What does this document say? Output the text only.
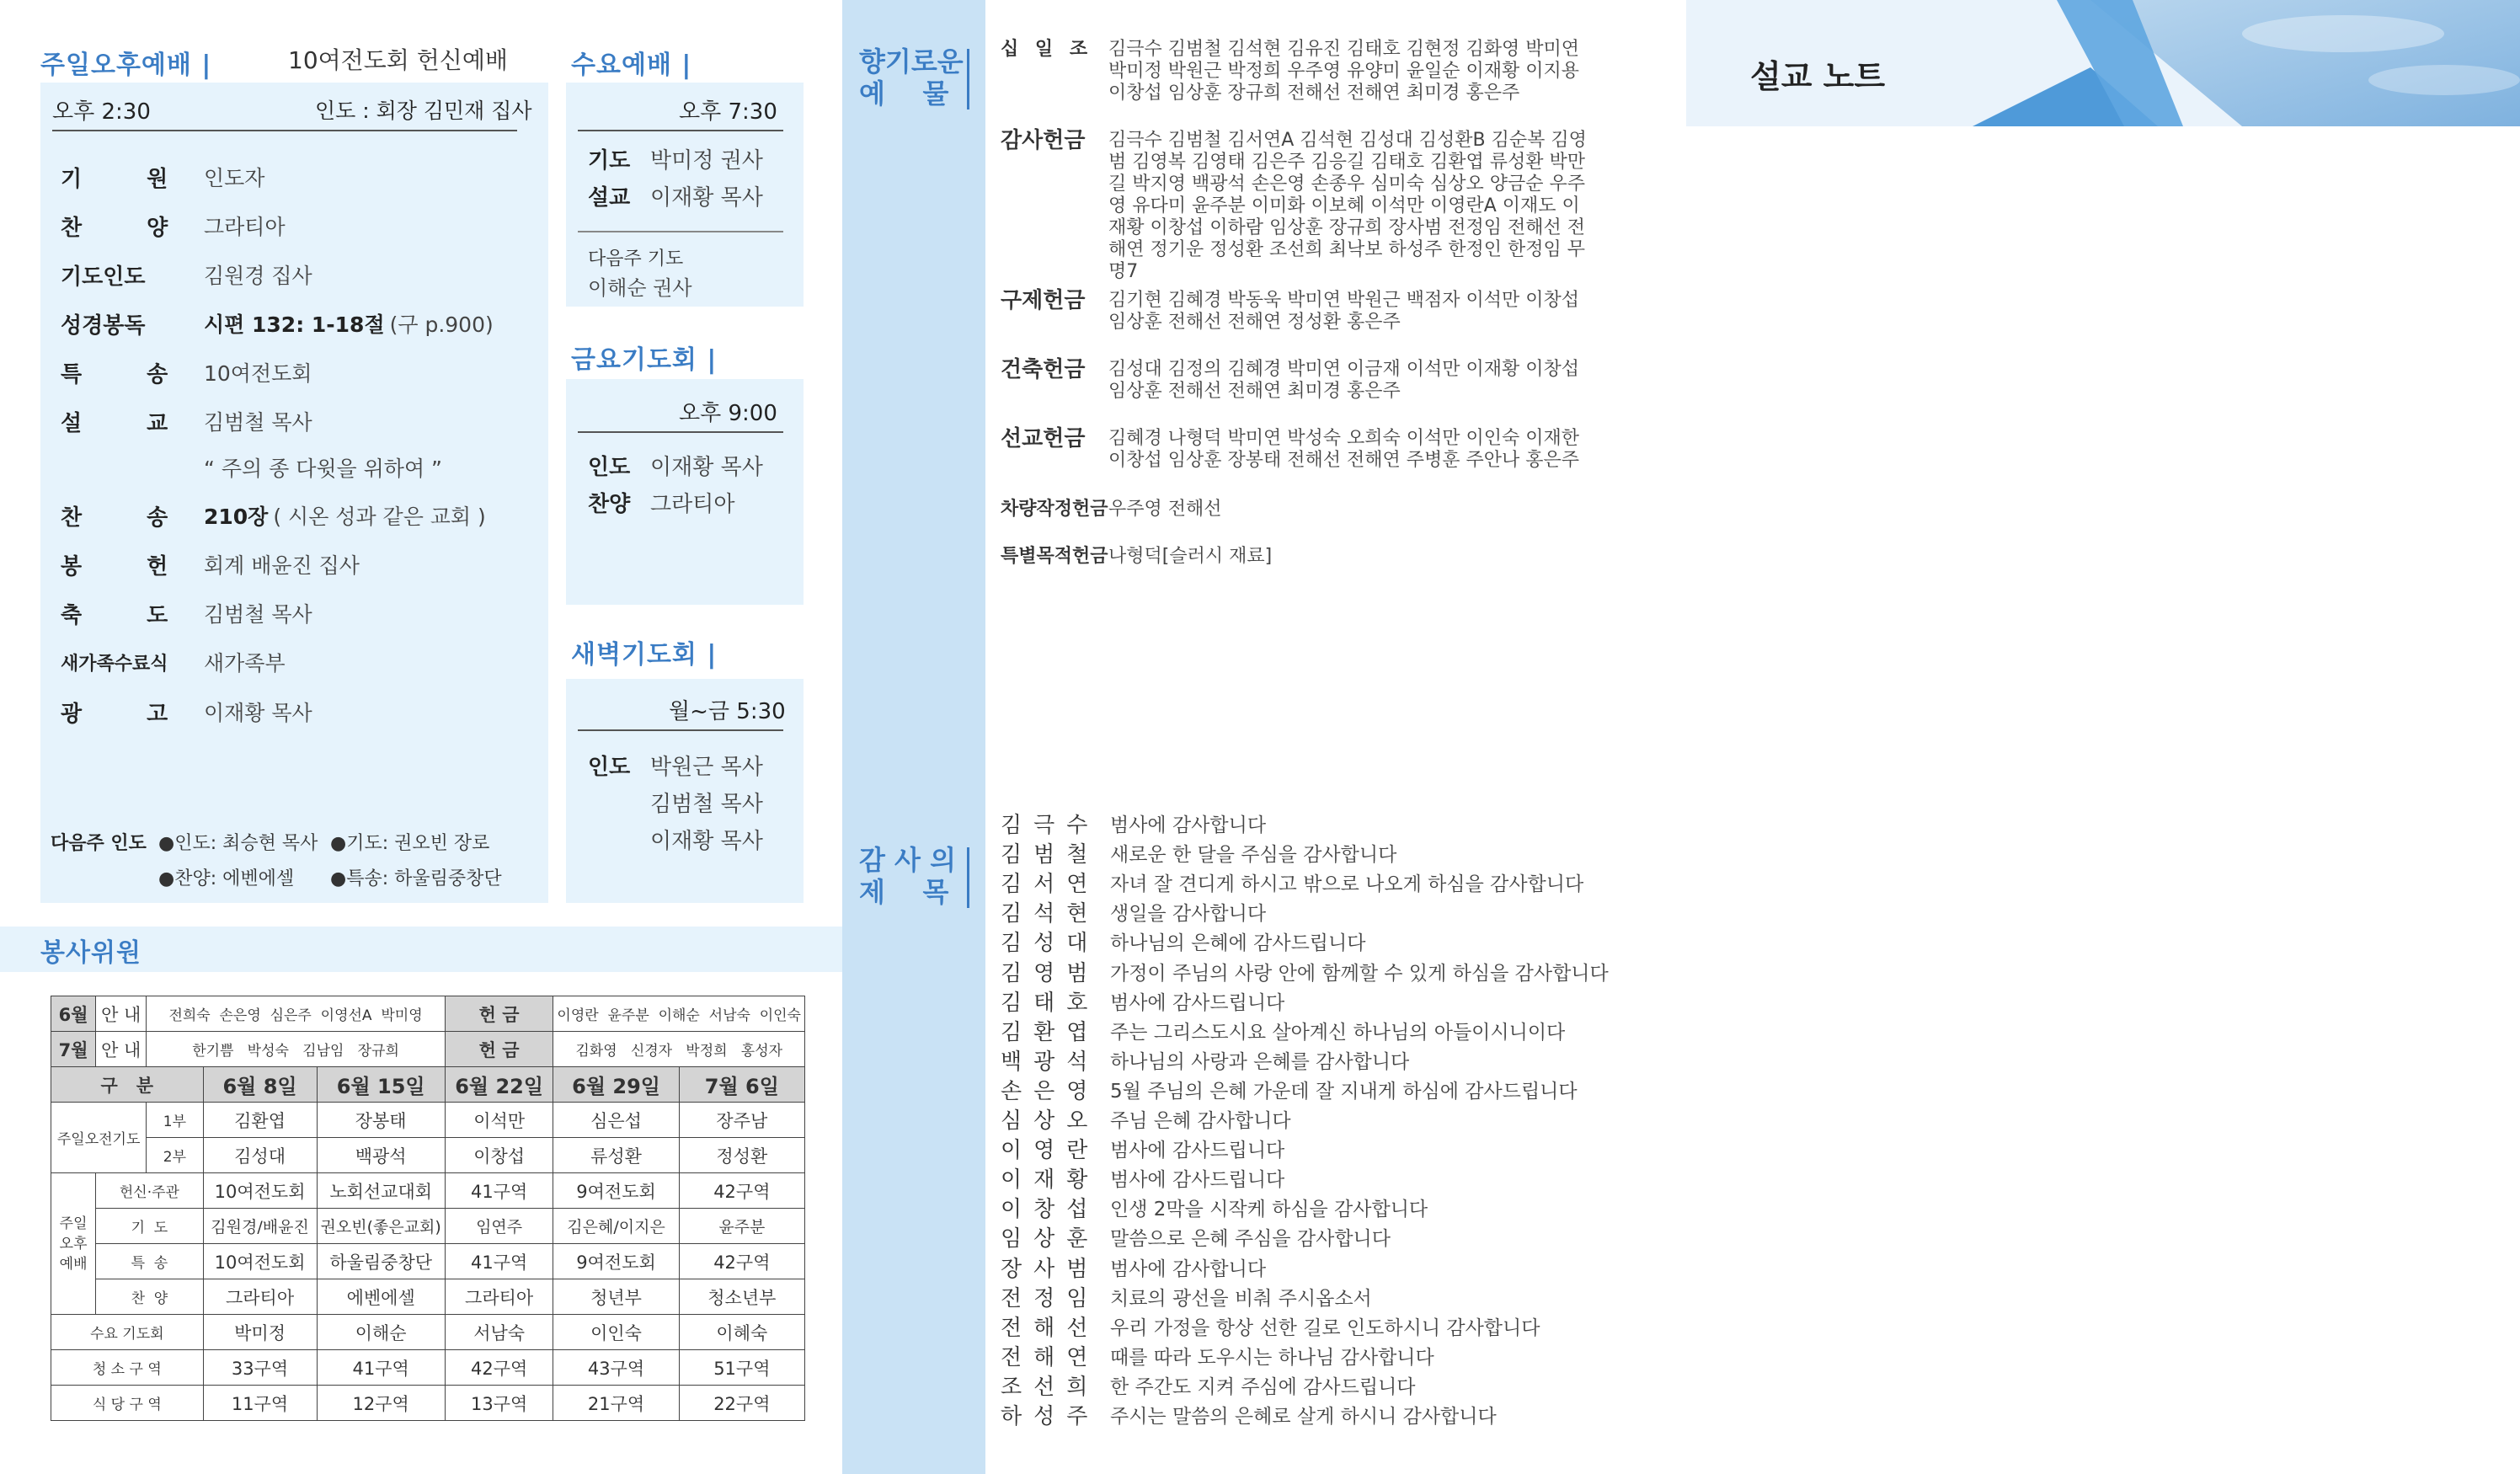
주일오후예배 |	10여전도회 헌신예배
오후 2:30	인도 : 회장 김민재 집사
기 원 인도자
찬 양 그라티아
기도인도	김원경 집사
성경봉독	시편 132: 1-18절 (구 p.900)
특 송 10여전도회
설 교 김범철 목사
“ 주의 종 다윗을 위하여 ”
찬 송 210장 ( 시온 성과 같은 교회 )
봉 헌 회계 배윤진 집사
축 도 김범철 목사
새가족수료식	새가족부
광 고 이재황 목사
다음주 인도 ●인도: 최승현 목사 ●기도: 권오빈 장로
●찬양: 에벤에셀 ●특송: 하울림중창단
수요예배 |
오후 7:30
기도 박미정 권사
설교 이재황 목사
다음주 기도
이해순 권사
금요기도회 |
오후 9:00
인도 이재황 목사
찬양 그라티아
새벽기도회 |
월~금 5:30
인도 박원근 목사
김범철 목사
이재황 목사
봉사위원
6월	안 내	전희숙  손은영  심은주  이영선A  박미영			헌 금	이영란  윤주분  이해순  서남숙  이인숙	
7월	안 내	한기쁨   박성숙   김남임   장규희			헌 금	김화영   신경자   박정희   홍성자	
구   분			6월 8일	6월 15일	6월 22일	6월 29일	7월 6일
주일오전기도		1부	김환엽	장봉태	이석만	심은섭	장주남
		2부	김성대	백광석	이창섭	류성환	정성환
주일 오후 예배	헌신·주관		10여전도회	노회선교대회	41구역	9여전도회	42구역
	기  도		김원경/배윤진	권오빈(좋은교회)	임연주	김은혜/이지은	윤주분
	특  송		10여전도회	하울림중창단	41구역	9여전도회	42구역
	찬  양		그라티아	에벤에셀	그라티아	청년부	청소년부
수요 기도회			박미정	이해순	서남숙	이인숙	이혜숙
청 소 구 역			33구역	41구역	42구역	43구역	51구역
식 당 구 역			11구역	12구역	13구역	21구역	22구역
향기로운
예    물
감 사 의
제    목
십 일 조 김극수 김범철 김석현 김유진 김태호 김현정 김화영 박미연 박미정 박원근 박정희 우주영 유양미 윤일순 이재황 이지용 이창섭 임상훈 장규희 전해선 전해연 최미경 홍은주
감사헌금	김극수 김범철 김서연A 김석현 김성대 김성환B 김순복 김영범 김영복 김영태 김은주 김응길 김태호 김환엽 류성환 박만길 박지영 백광석 손은영 손종우 심미숙 심상오 양금순 우주영 유다미 윤주분 이미화 이보혜 이석만 이영란A 이재도 이재황 이창섭 이하람 임상훈 장규희 장사범 전정임 전해선 전해연 정기운 정성환 조선희 최낙보 하성주 한정인 한정임 무명7
구제헌금	김기현 김혜경 박동욱 박미연 박원근 백점자 이석만 이창섭 임상훈 전해선 전해연 정성환 홍은주
건축헌금	김성대 김정의 김혜경 박미연 이금재 이석만 이재황 이창섭 임상훈 전해선 전해연 최미경 홍은주
선교헌금	김혜경 나형덕 박미연 박성숙 오희숙 이석만 이인숙 이재한 이창섭 임상훈 장봉태 전해선 전해연 주병훈 주안나 홍은주
차량작정헌금 우주영 전해선
특별목적헌금 나형덕[슬러시 재료]
김극수 범사에 감사합니다
김범철 새로운 한 달을 주심을 감사합니다
김서연 자녀 잘 견디게 하시고 밖으로 나오게 하심을 감사합니다
김석현 생일을 감사합니다
김성대 하나님의 은혜에 감사드립니다
김영범 가정이 주님의 사랑 안에 함께할 수 있게 하심을 감사합니다
김태호 범사에 감사드립니다
김환엽 주는 그리스도시요 살아계신 하나님의 아들이시니이다
백광석 하나님의 사랑과 은혜를 감사합니다
손은영 5월 주님의 은혜 가운데 잘 지내게 하심에 감사드립니다
심상오 주님 은혜 감사합니다
이영란 범사에 감사드립니다
이재황 범사에 감사드립니다
이창섭 인생 2막을 시작케 하심을 감사합니다
임상훈 말씀으로 은혜 주심을 감사합니다
장사범 범사에 감사합니다
전정임 치료의 광선을 비춰 주시옵소서
전해선 우리 가정을 항상 선한 길로 인도하시니 감사합니다
전해연 때를 따라 도우시는 하나님 감사합니다
조선희 한 주간도 지켜 주심에 감사드립니다
하성주 주시는 말씀의 은혜로 살게 하시니 감사합니다
설교 노트
